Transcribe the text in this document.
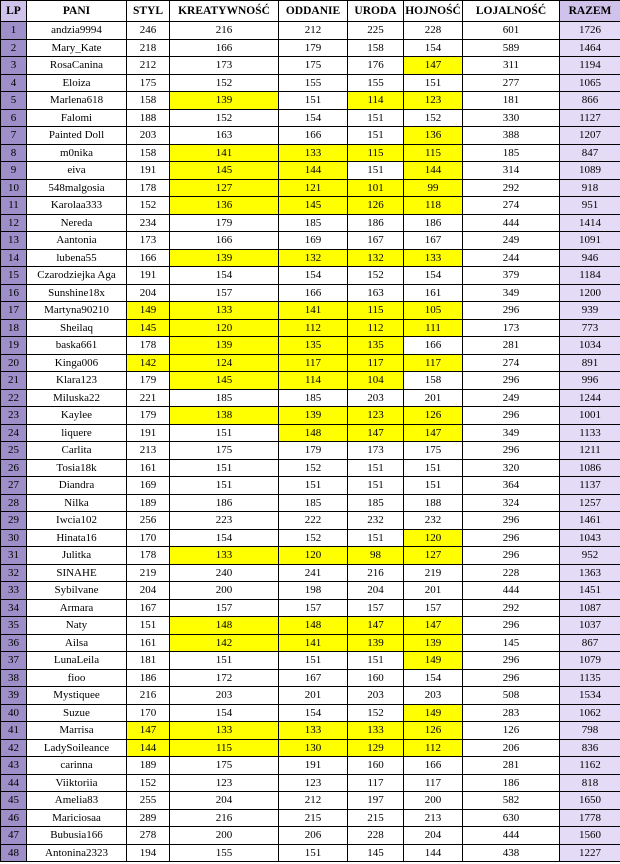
LP	PANI	STYL	KREATYWNOŚĆ	ODDANIE	URODA	HOJNOŚĆ	LOJALNOŚĆ	RAZEM
1	andzia9994	246	216	212	225	228	601	1726
2	Mary_Kate	218	166	179	158	154	589	1464
3	RosaCanina	212	173	175	176	147	311	1194
4	Eloiza	175	152	155	155	151	277	1065
5	Marlena618	158	139	151	114	123	181	866
6	Falomi	188	152	154	151	152	330	1127
7	Painted Doll	203	163	166	151	136	388	1207
8	m0nika	158	141	133	115	115	185	847
9	eiva	191	145	144	151	144	314	1089
10	548malgosia	178	127	121	101	99	292	918
11	Karolaa333	152	136	145	126	118	274	951
12	Nereda	234	179	185	186	186	444	1414
13	Aantonia	173	166	169	167	167	249	1091
14	lubena55	166	139	132	132	133	244	946
15	Czarodziejka Aga	191	154	154	152	154	379	1184
16	Sunshine18x	204	157	166	163	161	349	1200
17	Martyna90210	149	133	141	115	105	296	939
18	Sheilaq	145	120	112	112	111	173	773
19	baska661	178	139	135	135	166	281	1034
20	Kinga006	142	124	117	117	117	274	891
21	Klara123	179	145	114	104	158	296	996
22	Miluska22	221	185	185	203	201	249	1244
23	Kaylee	179	138	139	123	126	296	1001
24	liquere	191	151	148	147	147	349	1133
25	Carlita	213	175	179	173	175	296	1211
26	Tosia18k	161	151	152	151	151	320	1086
27	Diandra	169	151	151	151	151	364	1137
28	Nilka	189	186	185	185	188	324	1257
29	Iwcia102	256	223	222	232	232	296	1461
30	Hinata16	170	154	152	151	120	296	1043
31	Julitka	178	133	120	98	127	296	952
32	SINAHE	219	240	241	216	219	228	1363
33	Sybilvane	204	200	198	204	201	444	1451
34	Armara	167	157	157	157	157	292	1087
35	Naty	151	148	148	147	147	296	1037
36	Ailsa	161	142	141	139	139	145	867
37	LunaLeila	181	151	151	151	149	296	1079
38	fioo	186	172	167	160	154	296	1135
39	Mystiquee	216	203	201	203	203	508	1534
40	Suzue	170	154	154	152	149	283	1062
41	Marrisa	147	133	133	133	126	126	798
42	LadySoileance	144	115	130	129	112	206	836
43	carinna	189	175	191	160	166	281	1162
44	Viiktoriia	152	123	123	117	117	186	818
45	Amelia83	255	204	212	197	200	582	1650
46	Mariciosaa	289	216	215	215	213	630	1778
47	Bubusia166	278	200	206	228	204	444	1560
48	Antonina2323	194	155	151	145	144	438	1227
